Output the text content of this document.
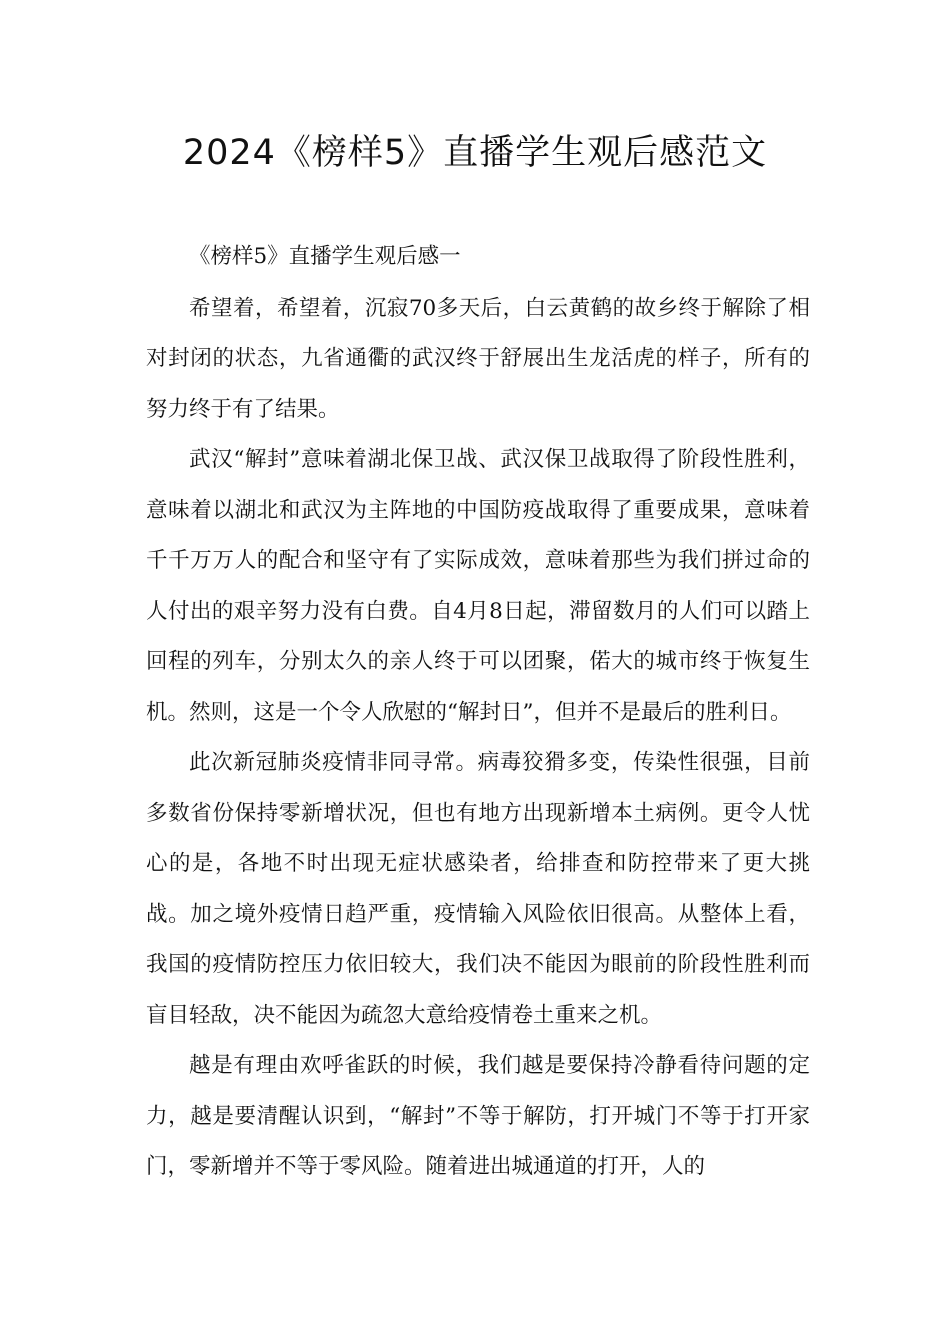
2024《榜样5》直播学生观后感范文

《榜样5》直播学生观后感一

希望着，希望着，沉寂70多天后，白云黄鹤的故乡终于解除了相对封闭的状态，九省通衢的武汉终于舒展出生龙活虎的样子，所有的努力终于有了结果。

武汉“解封”意味着湖北保卫战、武汉保卫战取得了阶段性胜利，意味着以湖北和武汉为主阵地的中国防疫战取得了重要成果，意味着千千万万人的配合和坚守有了实际成效，意味着那些为我们拼过命的人付出的艰辛努力没有白费。自4月8日起，滞留数月的人们可以踏上回程的列车，分别太久的亲人终于可以团聚，偌大的城市终于恢复生机。然则，这是一个令人欣慰的“解封日”，但并不是最后的胜利日。

此次新冠肺炎疫情非同寻常。病毒狡猾多变，传染性很强，目前多数省份保持零新增状况，但也有地方出现新增本土病例。更令人忧心的是，各地不时出现无症状感染者，给排查和防控带来了更大挑战。加之境外疫情日趋严重，疫情输入风险依旧很高。从整体上看，我国的疫情防控压力依旧较大，我们决不能因为眼前的阶段性胜利而盲目轻敌，决不能因为疏忽大意给疫情卷土重来之机。

越是有理由欢呼雀跃的时候，我们越是要保持冷静看待问题的定力，越是要清醒认识到，“解封”不等于解防，打开城门不等于打开家门，零新增并不等于零风险。随着进出城通道的打开，人的
